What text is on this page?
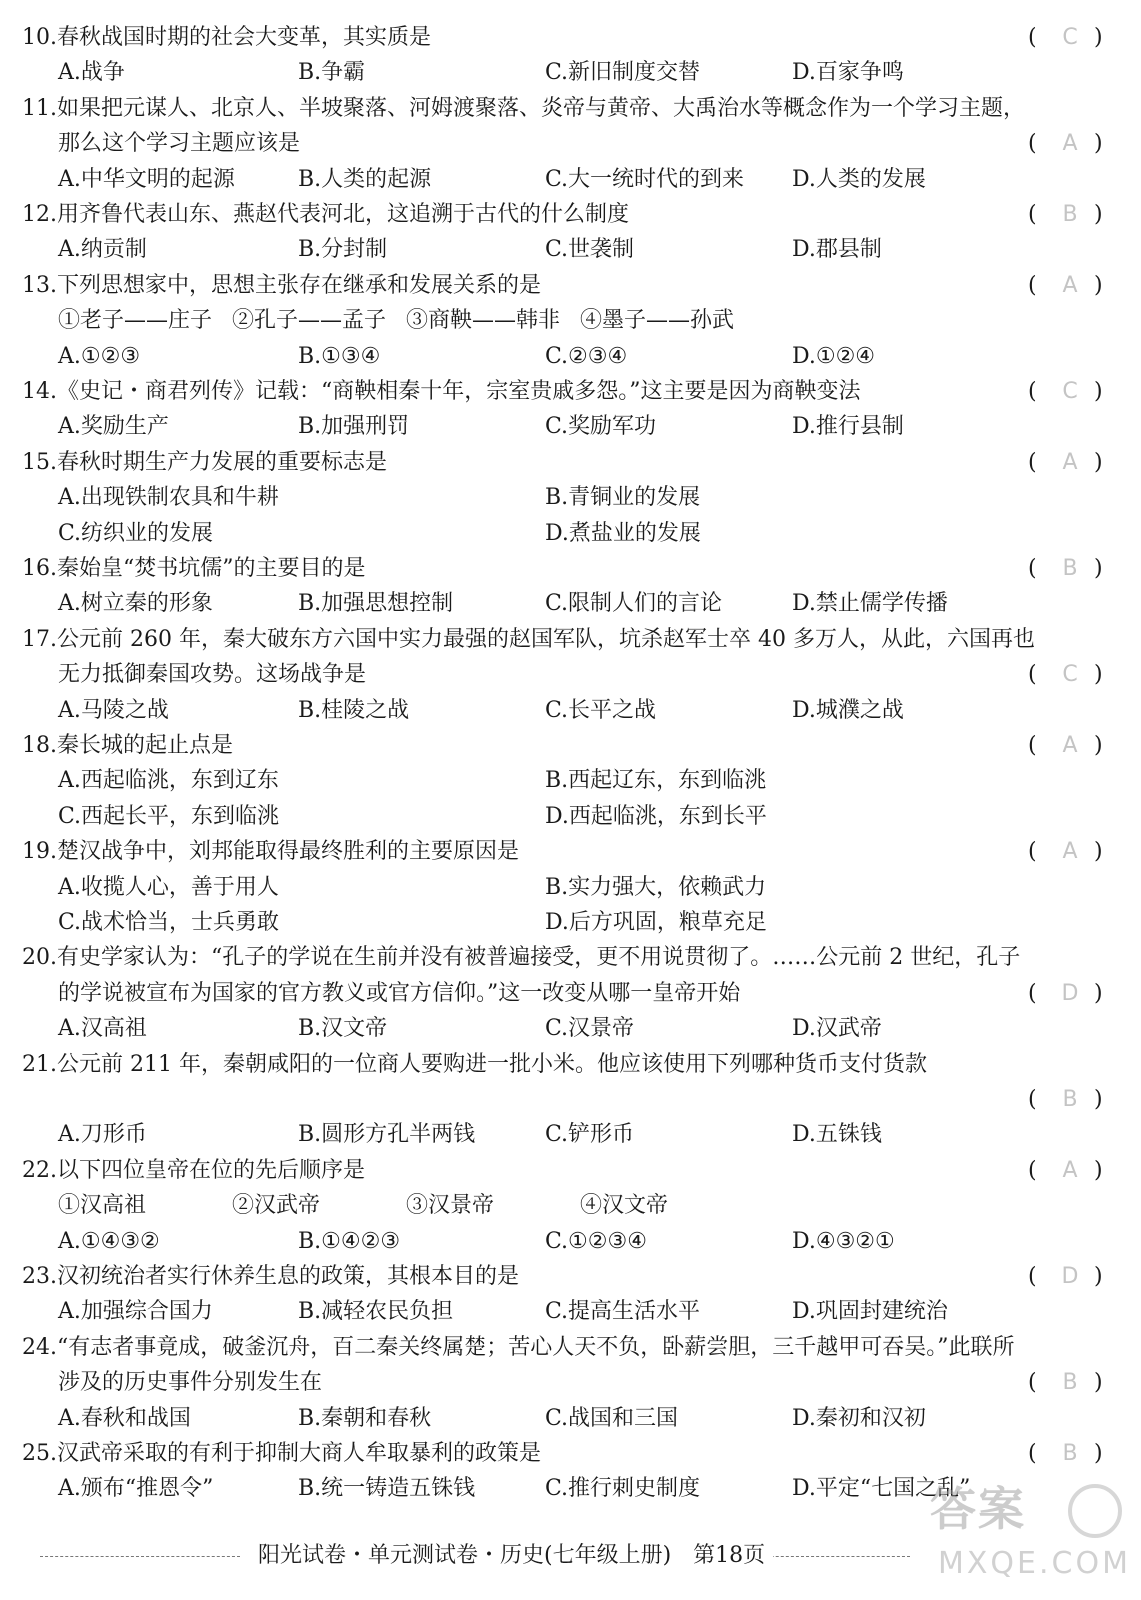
10.春秋战国时期的社会大变革，其实质是	(	C )
A.战争	B.争霸	C.新旧制度交替	D.百家争鸣
11.如果把元谋人、北京人、半坡聚落、河姆渡聚落、炎帝与黄帝、大禹治水等概念作为一个学习主题，
那么这个学习主题应该是	(	A )
A.中华文明的起源	B.人类的起源	C.大一统时代的到来 D.人类的发展
12.用齐鲁代表山东、燕赵代表河北，这追溯于古代的什么制度	(	B )
A.纳贡制	B.分封制	C.世袭制	D.郡县制
13.下列思想家中，思想主张存在继承和发展关系的是	(	A )
①老子——庄子 ②孔子——孟子 ③商鞅——韩非 ④墨子——孙武
A.①②③	B.①③④	C.②③④	D.①②④
14.《史记・商君列传》记载：“商鞅相秦十年，宗室贵戚多怨。”这主要是因为商鞅变法	(	C )
A.奖励生产	B.加强刑罚	C.奖励军功	D.推行县制
15.春秋时期生产力发展的重要标志是	(	A )
A.出现铁制农具和牛耕	B.青铜业的发展
C.纺织业的发展	D.煮盐业的发展
16.秦始皇“焚书坑儒”的主要目的是	(	B )
A.树立秦的形象	B.加强思想控制	C.限制人们的言论	D.禁止儒学传播
17.公元前 260 年，秦大破东方六国中实力最强的赵国军队，坑杀赵军士卒 40 多万人，从此，六国再也
无力抵御秦国攻势。这场战争是	(	C )
A.马陵之战	B.桂陵之战	C.长平之战	D.城濮之战
18.秦长城的起止点是	(	A )
A.西起临洮，东到辽东	B.西起辽东，东到临洮
C.西起长平，东到临洮	D.西起临洮，东到长平
19.楚汉战争中，刘邦能取得最终胜利的主要原因是	(	A )
A.收揽人心，善于用人	B.实力强大，依赖武力
C.战术恰当，士兵勇敢	D.后方巩固，粮草充足
20.有史学家认为：“孔子的学说在生前并没有被普遍接受，更不用说贯彻了。……公元前 2 世纪，孔子
的学说被宣布为国家的官方教义或官方信仰。”这一改变从哪一皇帝开始	(	D )
A.汉高祖	B.汉文帝	C.汉景帝	D.汉武帝
21.公元前 211 年，秦朝咸阳的一位商人要购进一批小米。他应该使用下列哪种货币支付货款
(	B )
A.刀形币	B.圆形方孔半两钱	C.铲形币	D.五铢钱
22.以下四位皇帝在位的先后顺序是	(	A )
①汉高祖	②汉武帝	③汉景帝	④汉文帝
A.①④③②	B.①④②③	C.①②③④	D.④③②①
23.汉初统治者实行休养生息的政策，其根本目的是	(	D )
A.加强综合国力	B.减轻农民负担	C.提高生活水平	D.巩固封建统治
24.“有志者事竟成，破釜沉舟，百二秦关终属楚；苦心人天不负，卧薪尝胆，三千越甲可吞吴。”此联所
涉及的历史事件分别发生在	(	B )
A.春秋和战国	B.秦朝和春秋	C.战国和三国	D.秦初和汉初
25.汉武帝采取的有利于抑制大商人牟取暴利的政策是	(	B )
A.颁布“推恩令”	B.统一铸造五铢钱	C.推行刺史制度	D.平定“七国之乱”
阳光试卷・单元测试卷・历史(七年级上册)　第18页
答案
MXQE.COM
